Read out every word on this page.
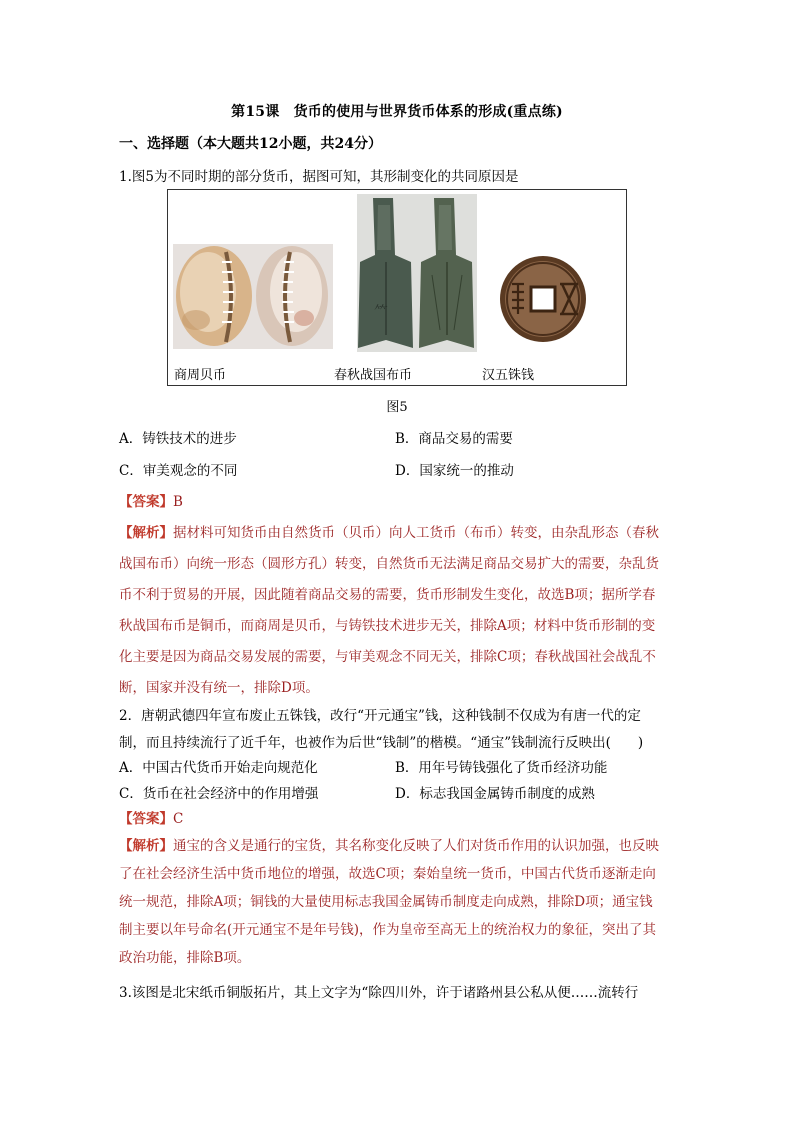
第15课　货币的使用与世界货币体系的形成(重点练)
一、选择题（本大题共12小题，共24分）
1.图5为不同时期的部分货币，据图可知，其形制变化的共同原因是
⺮
商周贝币	春秋战国布币	汉五铢钱
图5
A．铸铁技术的进步	B．商品交易的需要
C．审美观念的不同	D．国家统一的推动
【答案】B
【解析】据材料可知货币由自然货币（贝币）向人工货币（布币）转变，由杂乱形态（春秋
战国布币）向统一形态（圆形方孔）转变，自然货币无法满足商品交易扩大的需要，杂乱货
币不利于贸易的开展，因此随着商品交易的需要，货币形制发生变化，故选B项；据所学春
秋战国布币是铜币，而商周是贝币，与铸铁技术进步无关，排除A项；材料中货币形制的变
化主要是因为商品交易发展的需要，与审美观念不同无关，排除C项；春秋战国社会战乱不
断，国家并没有统一，排除D项。
2．唐朝武德四年宣布废止五铢钱，改行“开元通宝”钱，这种钱制不仅成为有唐一代的定
制，而且持续流行了近千年，也被作为后世“钱制”的楷模。“通宝”钱制流行反映出(　　)
A．中国古代货币开始走向规范化	B．用年号铸钱强化了货币经济功能
C．货币在社会经济中的作用增强	D．标志我国金属铸币制度的成熟
【答案】C
【解析】通宝的含义是通行的宝货，其名称变化反映了人们对货币作用的认识加强，也反映
了在社会经济生活中货币地位的增强，故选C项；秦始皇统一货币，中国古代货币逐渐走向
统一规范，排除A项；铜钱的大量使用标志我国金属铸币制度走向成熟，排除D项；通宝钱
制主要以年号命名(开元通宝不是年号钱)，作为皇帝至高无上的统治权力的象征，突出了其
政治功能，排除B项。
3.该图是北宋纸币铜版拓片，其上文字为“除四川外，许于诸路州县公私从便……流转行
